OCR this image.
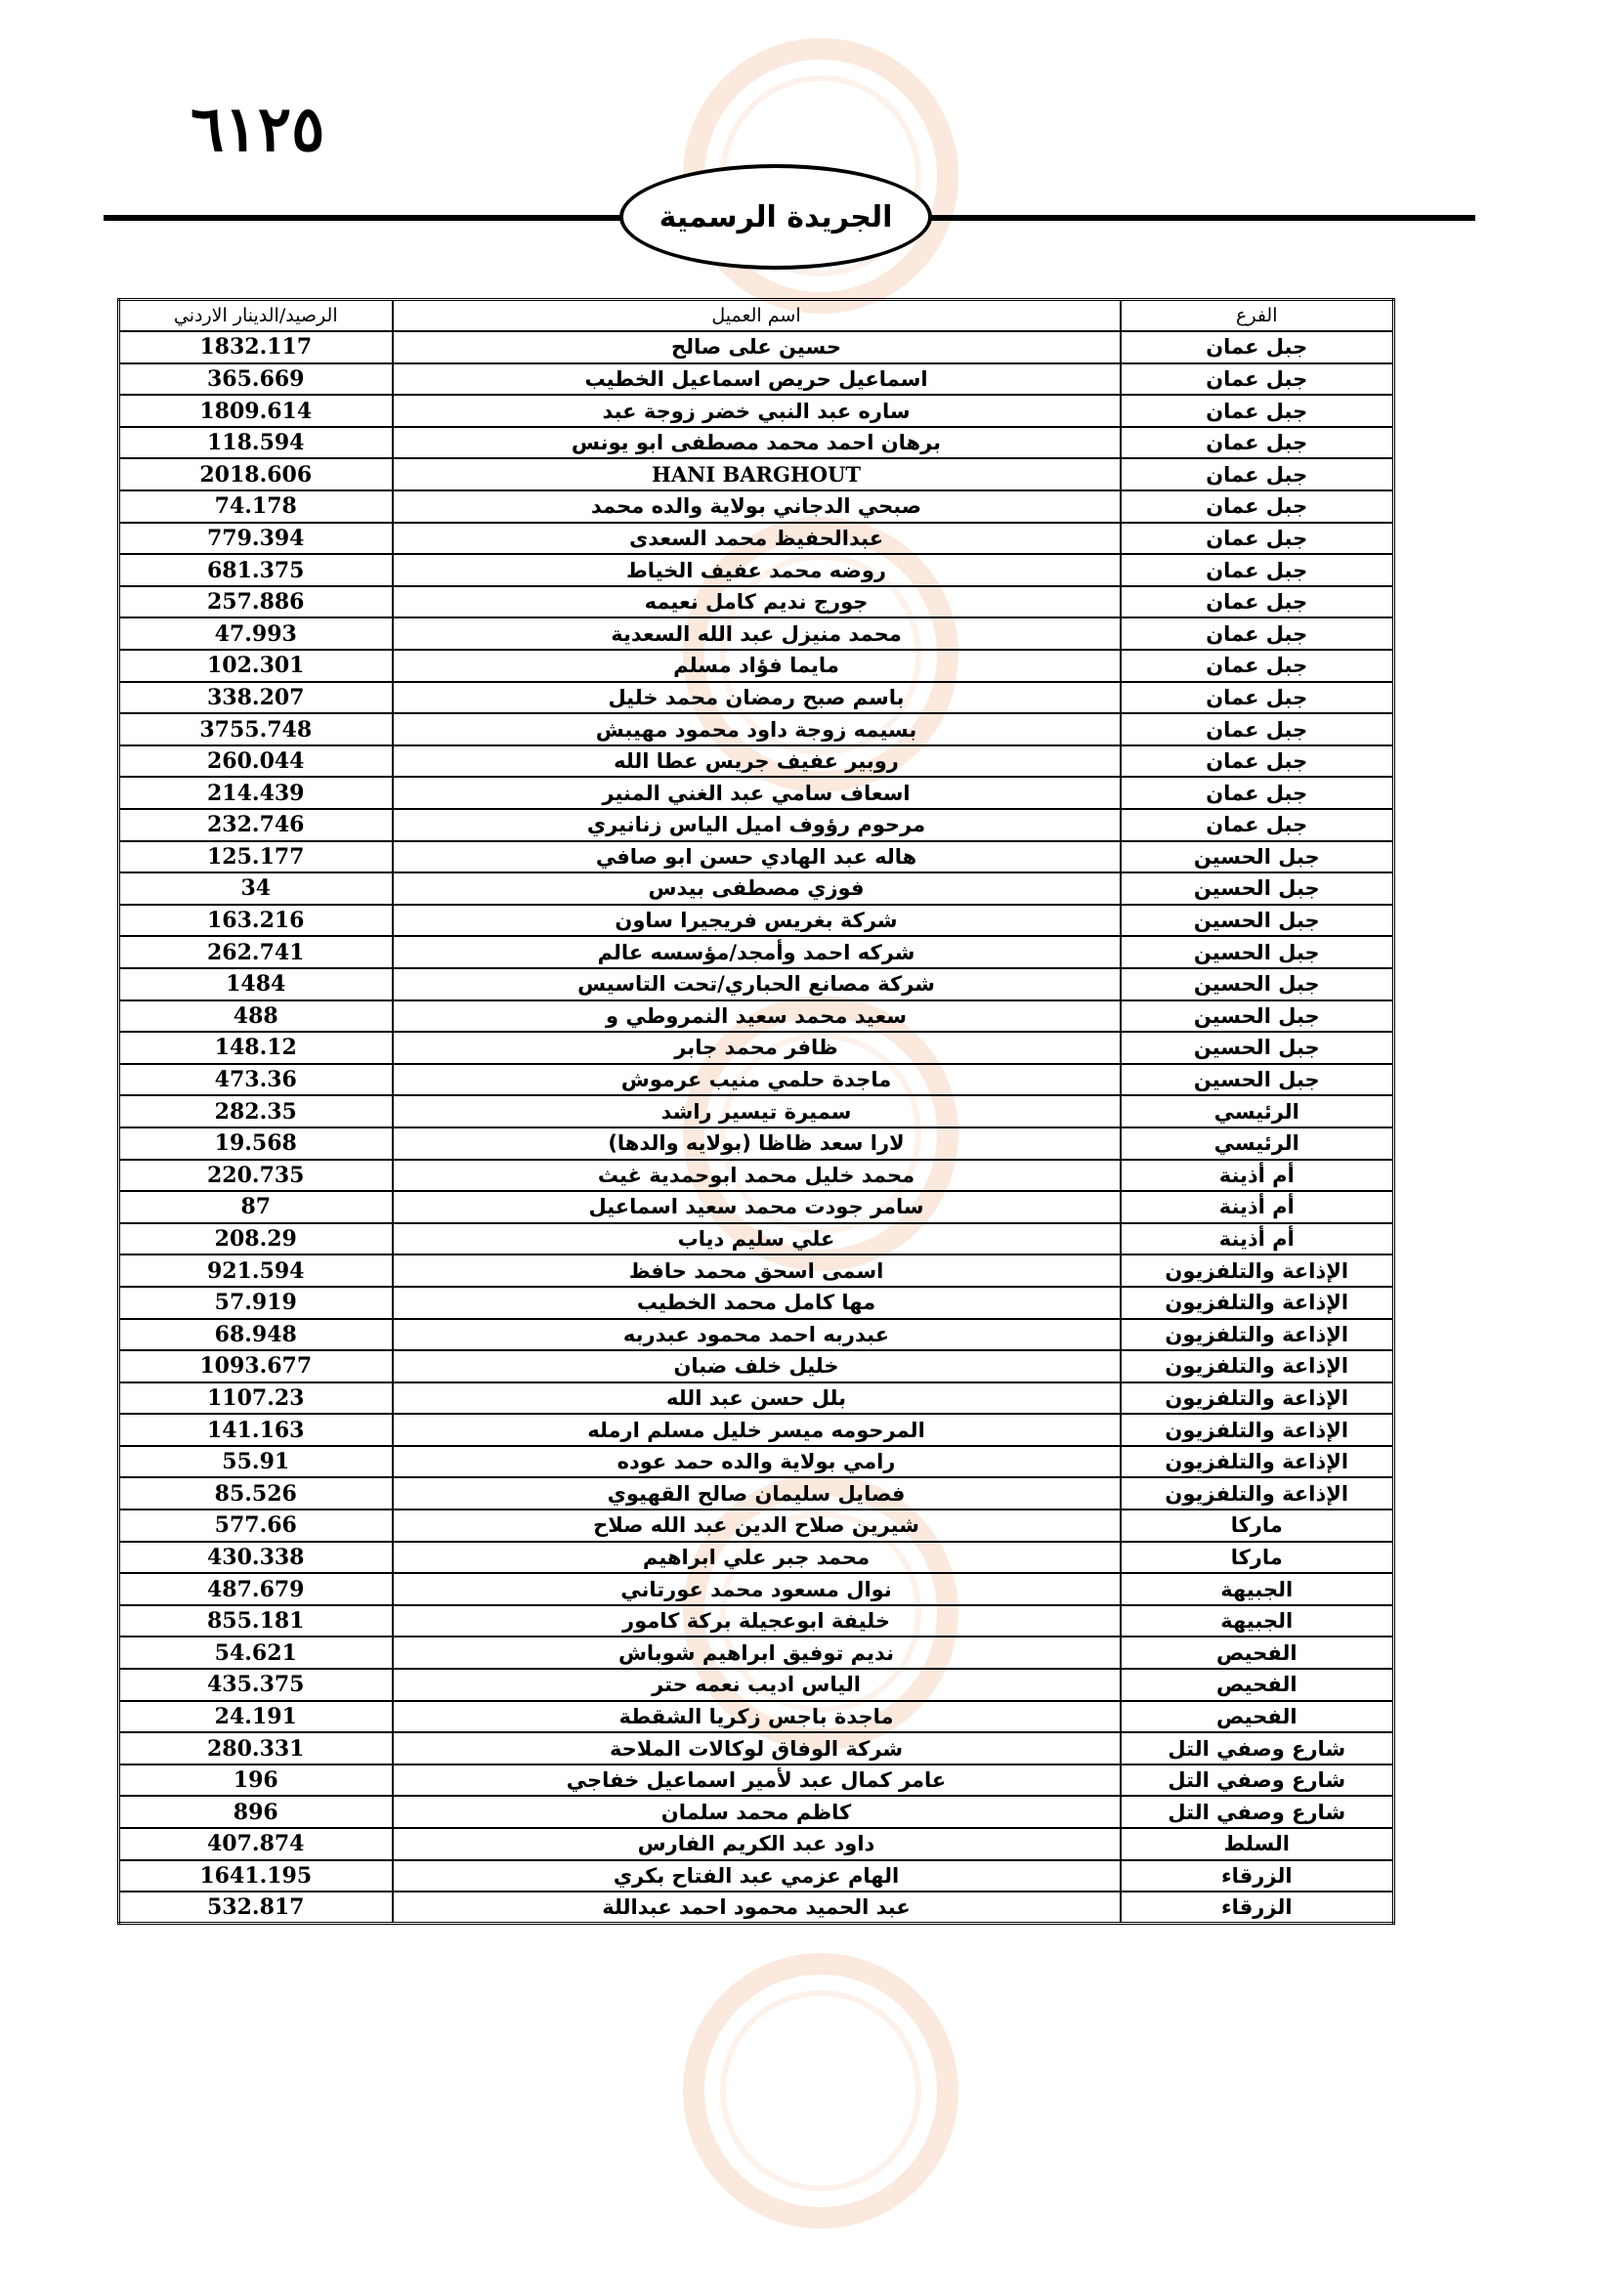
٦١٢٥
الجريدة الرسمية
الفرع	اسم العميل	الرصيد/الدينار الاردني
جبل عمان	حسين على صالح	1832.117
جبل عمان	اسماعيل حريص اسماعيل الخطيب	365.669
جبل عمان	ساره عبد النبي خضر زوجة عبد	1809.614
جبل عمان	برهان احمد محمد مصطفى ابو يونس	118.594
جبل عمان	HANI BARGHOUT	2018.606
جبل عمان	صبحي الدجاني بولاية والده محمد	74.178
جبل عمان	عبدالحفيظ محمد السعدى	779.394
جبل عمان	روضه محمد عفيف الخياط	681.375
جبل عمان	جورج نديم كامل نعيمه	257.886
جبل عمان	محمد منيزل عبد الله السعدية	47.993
جبل عمان	مايما فؤاد مسلم	102.301
جبل عمان	باسم صبح رمضان محمد خليل	338.207
جبل عمان	بسيمه زوجة داود محمود مهيبش	3755.748
جبل عمان	روبير عفيف جريس عطا الله	260.044
جبل عمان	اسعاف سامي عبد الغني المنير	214.439
جبل عمان	مرحوم رؤوف اميل الياس زنانيري	232.746
جبل الحسين	هاله عبد الهادي حسن ابو صافي	125.177
جبل الحسين	فوزي مصطفى بيدس	34
جبل الحسين	شركة بغريس فريجيرا ساون	163.216
جبل الحسين	شركه احمد وأمجد/مؤسسه عالم	262.741
جبل الحسين	شركة مصانع الحباري/تحت التاسيس	1484
جبل الحسين	سعيد محمد سعيد النمروطي و	488
جبل الحسين	ظافر محمد جابر	148.12
جبل الحسين	ماجدة حلمي منيب عرموش	473.36
الرئيسي	سميرة تيسير راشد	282.35
الرئيسي	لارا سعد ظاظا (بولايه والدها)	19.568
أم أذينة	محمد خليل محمد ابوحمدية غيث	220.735
أم أذينة	سامر جودت محمد سعيد اسماعيل	87
أم أذينة	علي سليم دياب	208.29
الإذاعة والتلفزيون	اسمى اسحق محمد حافظ	921.594
الإذاعة والتلفزيون	مها كامل محمد الخطيب	57.919
الإذاعة والتلفزيون	عبدربه احمد محمود عبدربه	68.948
الإذاعة والتلفزيون	خليل خلف ضبان	1093.677
الإذاعة والتلفزيون	بلل حسن عبد الله	1107.23
الإذاعة والتلفزيون	المرحومه ميسر خليل مسلم ارمله	141.163
الإذاعة والتلفزيون	رامي بولاية والده حمد عوده	55.91
الإذاعة والتلفزيون	فصايل سليمان صالح القهيوي	85.526
ماركا	شيرين صلاح الدين عبد الله صلاح	577.66
ماركا	محمد جبر علي ابراهيم	430.338
الجبيهة	نوال مسعود محمد عورتاني	487.679
الجبيهة	خليفة ابوعجيلة بركة كامور	855.181
الفحيص	نديم توفيق ابراهيم شوباش	54.621
الفحيص	الياس اديب نعمه حتر	435.375
الفحيص	ماجدة باجس زكريا الشقطة	24.191
شارع وصفي التل	شركة الوفاق لوكالات الملاحة	280.331
شارع وصفي التل	عامر كمال عبد لأمير اسماعيل خفاجي	196
شارع وصفي التل	كاظم محمد سلمان	896
السلط	داود عبد الكريم الفارس	407.874
الزرقاء	الهام عزمي عبد الفتاح بكري	1641.195
الزرقاء	عبد الحميد محمود احمد عبداللة	532.817
